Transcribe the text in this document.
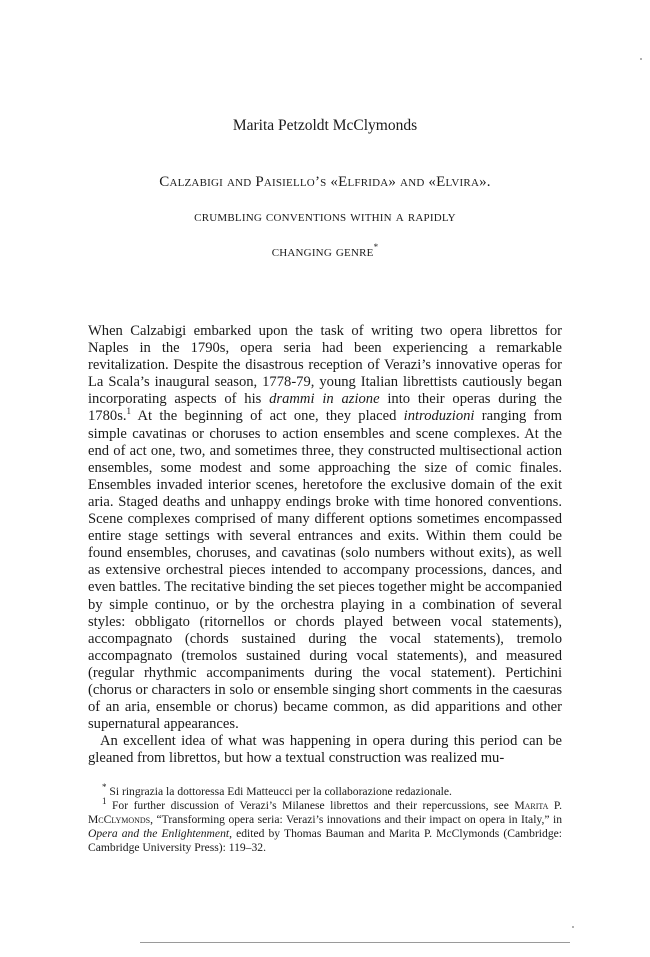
Marita Petzoldt McClymonds
Calzabigi and Paisiello’s «Elfrida» and «Elvira».
crumbling conventions within a rapidly
changing genre*

When Calzabigi embarked upon the task of writing two opera librettos for Naples in the 1790s, opera seria had been experiencing a remarkable revitalization. Despite the disastrous reception of Verazi’s innovative operas for La Scala’s inaugural season, 1778-79, young Italian librettists cautiously began incorporating aspects of his drammi in azione into their operas during the 1780s.$^1$ At the beginning of act one, they placed introduzioni ranging from simple cavatinas or choruses to action ensembles and scene complexes. At the end of act one, two, and sometimes three, they constructed multisectional action ensembles, some modest and some approaching the size of comic finales. Ensembles invaded interior scenes, heretofore the exclusive domain of the exit aria. Staged deaths and unhappy endings broke with time honored conventions. Scene complexes comprised of many different options sometimes encompassed entire stage settings with several entrances and exits. Within them could be found ensembles, choruses, and cavatinas (solo numbers without exits), as well as extensive orchestral pieces intended to accompany processions, dances, and even battles. The recitative binding the set pieces together might be accompanied by simple continuo, or by the orchestra playing in a combination of several styles: obbligato (ritornellos or chords played between vocal statements), accompagnato (chords sustained during the vocal statements), tremolo accompagnato (tremolos sustained during vocal statements), and measured (regular rhythmic accompaniments during the vocal statement). Pertichini (chorus or characters in solo or ensemble singing short comments in the caesuras of an aria, ensemble or chorus) became common, as did apparitions and other supernatural appearances.

An excellent idea of what was happening in opera during this period can be gleaned from librettos, but how a textual construction was realized mu-

* Si ringrazia la dottoressa Edi Matteucci per la collaborazione redazionale.

$^1$ For further discussion of Verazi’s Milanese librettos and their repercussions, see Marita P. McClymonds, “Transforming opera seria: Verazi’s innovations and their impact on opera in Italy,” in Opera and the Enlightenment, edited by Thomas Bauman and Marita P. McClymonds (Cambridge: Cambridge University Press): 119–32.
